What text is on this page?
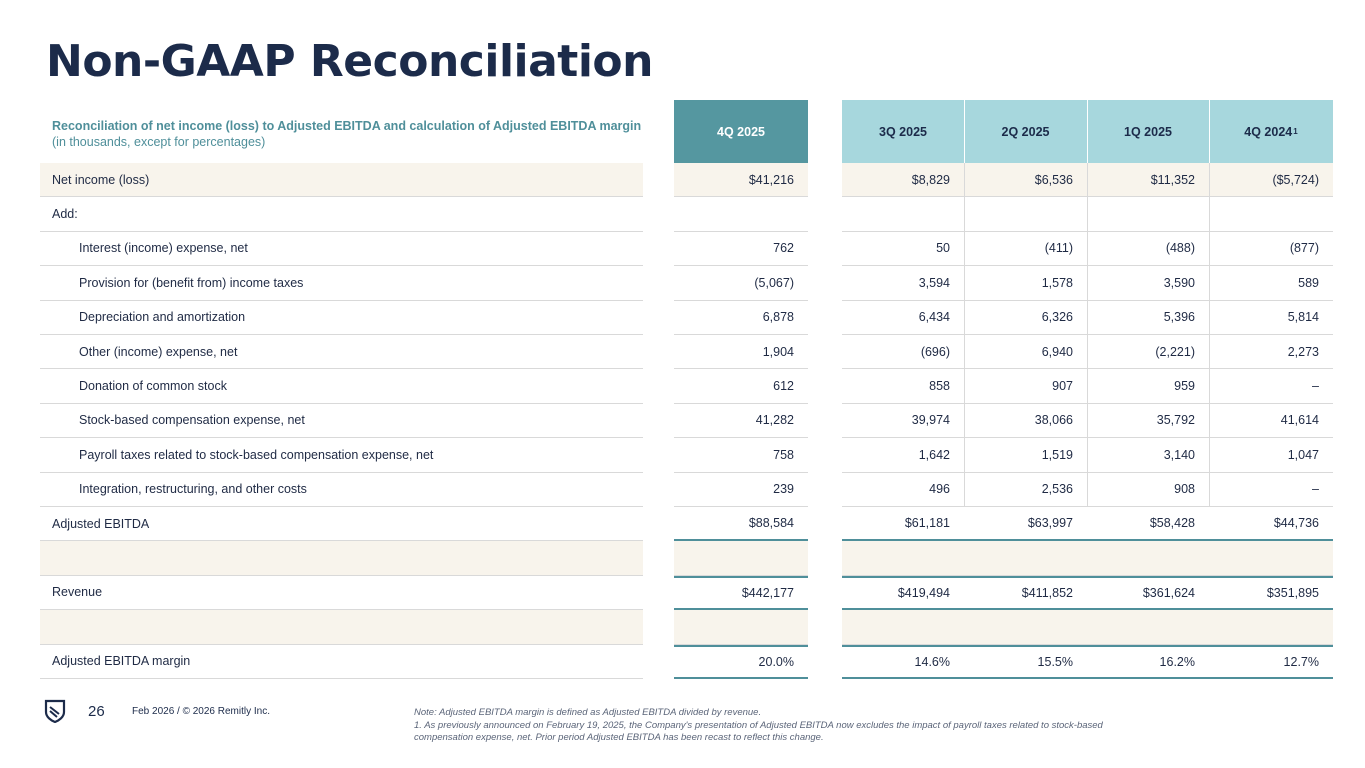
Non-GAAP Reconciliation
Reconciliation of net income (loss) to Adjusted EBITDA and calculation of Adjusted EBITDA margin (in thousands, except for percentages)
4Q 2025	3Q 2025	2Q 2025	1Q 2025	4Q 2024 1
Net income (loss)	$41,216	$8,829	$6,536	$11,352	($5,724)
Add:
Interest (income) expense, net	762	50	(411)	(488)	(877)
Provision for (benefit from) income taxes	(5,067)	3,594	1,578	3,590	589
Depreciation and amortization	6,878	6,434	6,326	5,396	5,814
Other (income) expense, net	1,904	(696)	6,940	(2,221)	2,273
Donation of common stock	612	858	907	959	–
Stock-based compensation expense, net	41,282	39,974	38,066	35,792	41,614
Payroll taxes related to stock-based compensation expense, net	758	1,642	1,519	3,140	1,047
Integration, restructuring, and other costs	239	496	2,536	908	–
Adjusted EBITDA	$88,584	$61,181	$63,997	$58,428	$44,736
Revenue	$442,177	$419,494	$411,852	$361,624	$351,895
Adjusted EBITDA margin	20.0%	14.6%	15.5%	16.2%	12.7%
26	Feb 2026 / © 2026 Remitly Inc.	Note: Adjusted EBITDA margin is defined as Adjusted EBITDA divided by revenue.
1. As previously announced on February 19, 2025, the Company's presentation of Adjusted EBITDA now excludes the impact of payroll taxes related to stock-based compensation expense, net. Prior period Adjusted EBITDA has been recast to reflect this change.
